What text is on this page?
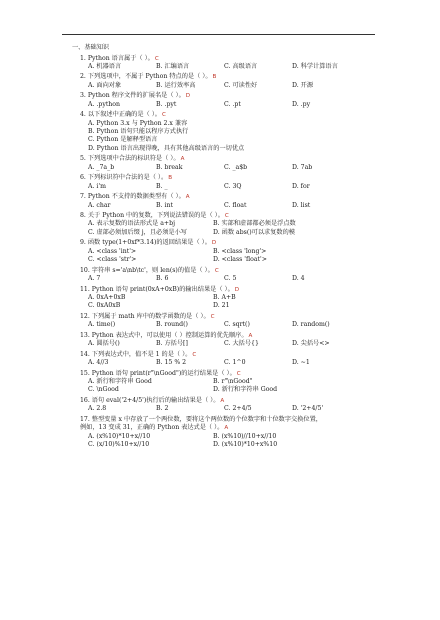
一、基础知识
1. Python 语言属于（ ）。C
A. 机器语言	B. 汇编语言	C. 高级语言	D. 科学计算语言
2. 下列选项中，不属于 Python 特点的是（ ）。B
A. 面向对象	B. 运行效率高	C. 可读性好	D. 开源
3. Python 程序文件的扩展名是（ ）。D
A. .python	B. .pyt	C. .pt	D. .py
4. 以下叙述中正确的是（ ）。C
A. Python 3.x 与 Python 2.x 兼容
B. Python 语句只能以程序方式执行
C. Python 是解释型语言
D. Python 语言出现得晚，具有其他高级语言的一切优点
5. 下列选项中合法的标识符是（ ）。A
A. _7a_b	B. break	C. _a$b	D. 7ab
6. 下列标识符中合法的是（ ）。B
A. i'm	B. _	C. 3Q	D. for
7. Python 不支持的数据类型有（ ）。A
A. char	B. int	C. float	D. list
8. 关于 Python 中的复数，下列说法错误的是（ ）。C
A. 表示复数的语法形式是 a+bj	B. 实部和虚部都必须是浮点数
C. 虚部必须加后缀 j，且必须是小写	D. 函数 abs()可以求复数的模
9. 函数 type(1+0xf*3.14)的返回结果是（ ）。D
A. <class 'int'>	B. <class 'long'>
C. <class 'str'>	D. <class 'float'>
10. 字符串 s='a\nb\tc'，则 len(s)的值是（ ）。C
A. 7	B. 6	C. 5	D. 4
11. Python 语句 print(0xA+0xB)的输出结果是（ ）。D
A. 0xA+0xB	B. A+B
C. 0xA0xB	D. 21
12. 下列属于 math 库中的数学函数的是（ ）。C
A. time()	B. round()	C. sqrt()	D. random()
13. Python 表达式中，可以使用（ ）控制运算的优先顺序。A
A. 圆括号()	B. 方括号[]	C. 大括号{}	D. 尖括号<>
14. 下列表达式中，值不是 1 的是（ ）。C
A. 4//3	B. 15 % 2	C. 1^0	D. ~1
15. Python 语句 print(r"\nGood")的运行结果是（ ）。C
A. 新行和字符串 Good	B. r"\nGood"
C. \nGood	D. 新行和字符串 Good
16. 语句 eval('2+4/5')执行后的输出结果是（ ）。A
A. 2.8	B. 2	C. 2+4/5	D. '2+4/5'
17. 整型变量 x 中存放了一个两位数，要将这个两位数的个位数字和十位数字交换位置，
例如，13 变成 31，正确的 Python 表达式是（ ）。A
A. (x%10)*10+x//10	B. (x%10)//10+x//10
C. (x/10)%10+x//10	D. (x%10)*10+x%10
